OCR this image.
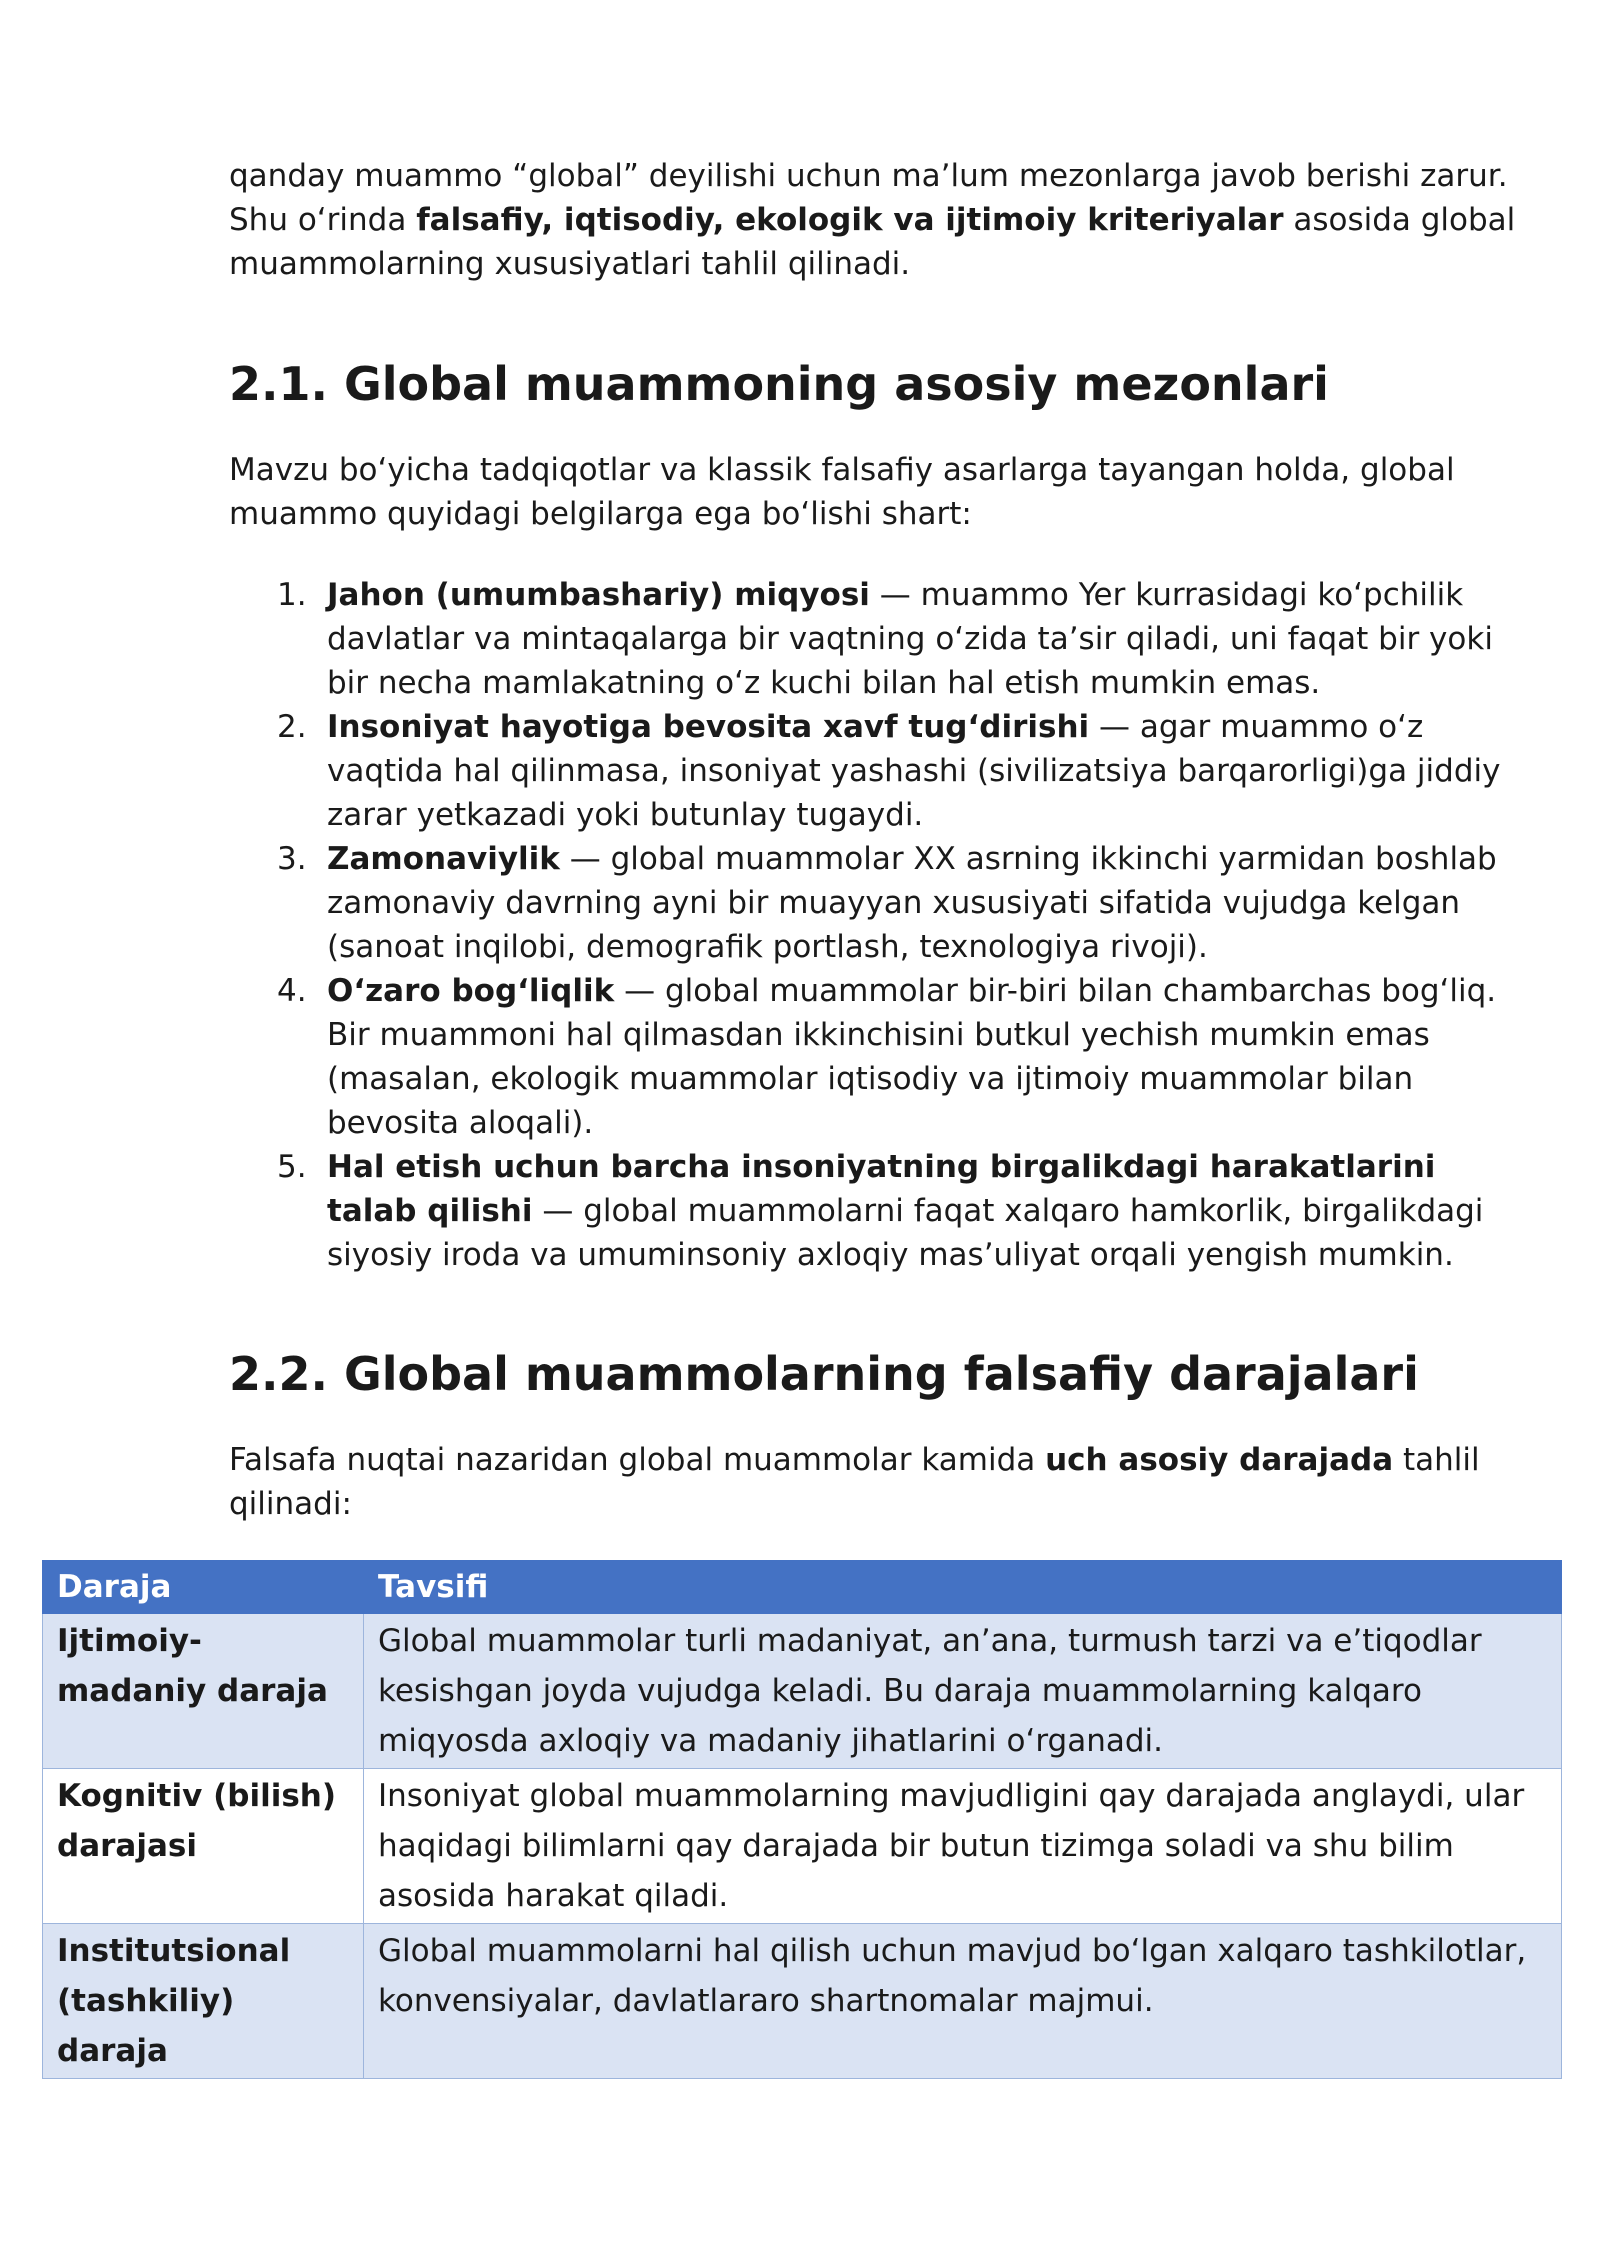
qanday muammo “global” deyilishi uchun ma’lum mezonlarga javob berishi zarur.
Shu o‘rinda falsafiy, iqtisodiy, ekologik va ijtimoiy kriteriyalar asosida global
muammolarning xususiyatlari tahlil qilinadi.

2.1. Global muammoning asosiy mezonlari

Mavzu bo‘yicha tadqiqotlar va klassik falsafiy asarlarga tayangan holda, global
muammo quyidagi belgilarga ega bo‘lishi shart:

1. Jahon (umumbashariy) miqyosi — muammo Yer kurrasidagi ko‘pchilik davlatlar va mintaqalarga bir vaqtning o‘zida ta’sir qiladi, uni faqat bir yoki bir necha mamlakatning o‘z kuchi bilan hal etish mumkin emas.
2. Insoniyat hayotiga bevosita xavf tug‘dirishi — agar muammo o‘z vaqtida hal qilinmasa, insoniyat yashashi (sivilizatsiya barqarorligi)ga jiddiy zarar yetkazadi yoki butunlay tugaydi.
3. Zamonaviylik — global muammolar XX asrning ikkinchi yarmidan boshlab zamonaviy davrning ayni bir muayyan xususiyati sifatida vujudga kelgan (sanoat inqilobi, demografik portlash, texnologiya rivoji).
4. O‘zaro bog‘liqlik — global muammolar bir-biri bilan chambarchas bog‘liq. Bir muammoni hal qilmasdan ikkinchisini butkul yechish mumkin emas (masalan, ekologik muammolar iqtisodiy va ijtimoiy muammolar bilan bevosita aloqali).
5. Hal etish uchun barcha insoniyatning birgalikdagi harakatlarini talab qilishi — global muammolarni faqat xalqaro hamkorlik, birgalikdagi siyosiy iroda va umuminsoniy axloqiy mas’uliyat orqali yengish mumkin.
2.2. Global muammolarning falsafiy darajalari

Falsafa nuqtai nazaridan global muammolar kamida uch asosiy darajada tahlil
qilinadi:

Daraja	Tavsifi
Ijtimoiy-madaniy daraja	Global muammolar turli madaniyat, an’ana, turmush tarzi va e’tiqodlar kesishgan joyda vujudga keladi. Bu daraja muammolarning kalqaro miqyosda axloqiy va madaniy jihatlarini o‘rganadi.
Kognitiv (bilish) darajasi	Insoniyat global muammolarning mavjudligini qay darajada anglaydi, ular haqidagi bilimlarni qay darajada bir butun tizimga soladi va shu bilim asosida harakat qiladi.
Institutsional (tashkiliy) daraja	Global muammolarni hal qilish uchun mavjud bo‘lgan xalqaro tashkilotlar, konvensiyalar, davlatlararo shartnomalar majmui.
